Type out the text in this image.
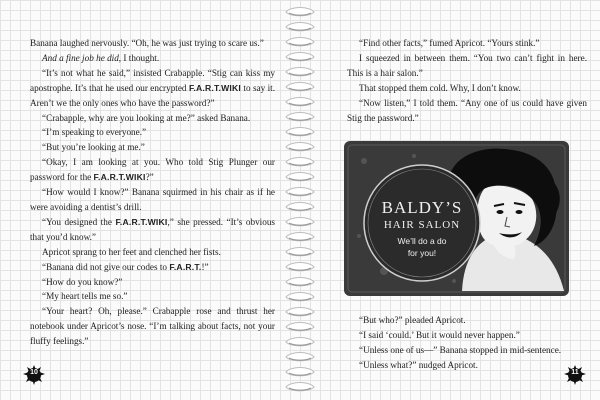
Banana laughed nervously. “Oh, he was just trying to scare us.”

And a fine job he did, I thought.

“It’s not what he said,” insisted Crabapple. “Stig can kiss my apostrophe. It’s that he used our encrypted F.A.R.T.WIKI to say it. Aren’t we the only ones who have the password?”

“Crabapple, why are you looking at me?” asked Banana.

“I’m speaking to everyone.”

“But you’re looking at me.”

“Okay, I am looking at you. Who told Stig Plunger our password for the F.A.R.T.WIKI?”

“How would I know?” Banana squirmed in his chair as if he were avoiding a dentist’s drill.

“You designed the F.A.R.T.WIKI,” she pressed. “It’s obvious that you’d know.”

Apricot sprang to her feet and clenched her fists.

“Banana did not give our codes to F.A.R.T.!”

“How do you know?”

“My heart tells me so.”

“Your heart? Oh, please.” Crabapple rose and thrust her notebook under Apricot’s nose. “I’m talking about facts, not your fluffy feelings.”

10

“Find other facts,” fumed Apricot. “Yours stink.”

I squeezed in between them. “You two can’t fight in here. This is a hair salon.”

That stopped them cold. Why, I don’t know.

“Now listen,” I told them. “Any one of us could have given Stig the password.”

BALDY’S
HAIR SALON
We’ll do a do
for you!

“But who?” pleaded Apricot.

“I said ‘could.’ But it would never happen.”

“Unless one of us—” Banana stopped in mid-sentence.

“Unless what?” nudged Apricot.

11
